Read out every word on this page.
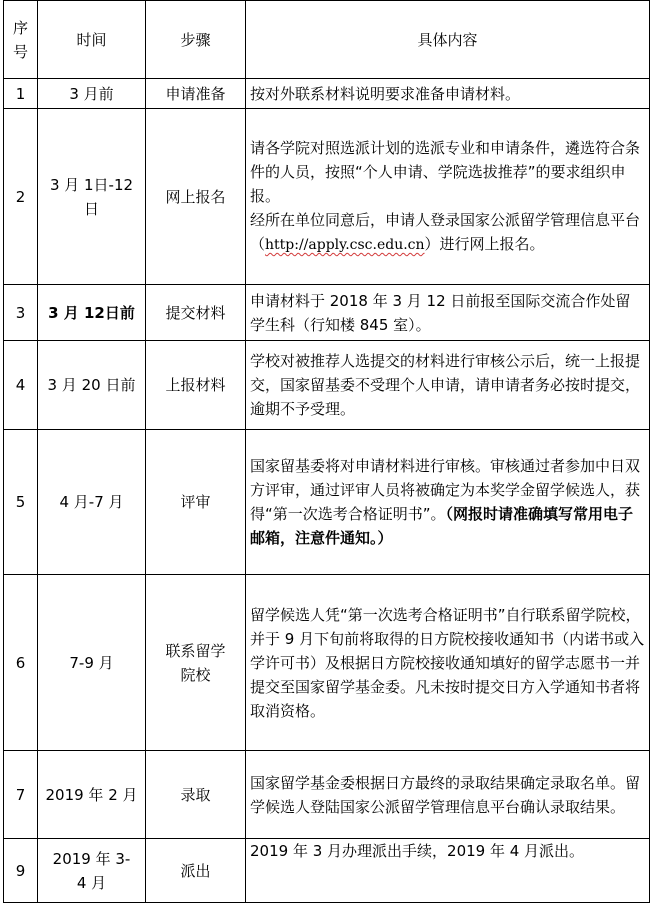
序号	时间	步骤	具体内容
1	3 月前	申请准备	按对外联系材料说明要求准备申请材料。
2	3 月 1日-12日	网上报名	请各学院对照选派计划的选派专业和申请条件，遴选符合条件的人员，按照“个人申请、学院选拔推荐”的要求组织申报。
经所在单位同意后，申请人登录国家公派留学管理信息平台（http://apply.csc.edu.cn）进行网上报名。

3	3 月 12日前	提交材料	申请材料于 2018 年 3 月 12 日前报至国际交流合作处留学生科（行知楼 845 室）。
4	3 月 20 日前	上报材料	学校对被推荐人选提交的材料进行审核公示后，统一上报提交，国家留基委不受理个人申请，请申请者务必按时提交，逾期不予受理。
5	4 月-7 月	评审	国家留基委将对申请材料进行审核。审核通过者参加中日双方评审，通过评审人员将被确定为本奖学金留学候选人，获得“第一次选考合格证明书”。（网报时请准确填写常用电子邮箱，注意件通知。）
6	7-9 月	联系留学院校	留学候选人凭“第一次选考合格证明书”自行联系留学院校，并于 9 月下旬前将取得的日方院校接收通知书（内诺书或入学许可书）及根据日方院校接收通知填好的留学志愿书一并提交至国家留学基金委。凡未按时提交日方入学通知书者将取消资格。
7	2019 年 2 月	录取	国家留学基金委根据日方最终的录取结果确定录取名单。留学候选人登陆国家公派留学管理信息平台确认录取结果。
9	2019 年 3-4 月	派出	2019 年 3 月办理派出手续，2019 年 4 月派出。
